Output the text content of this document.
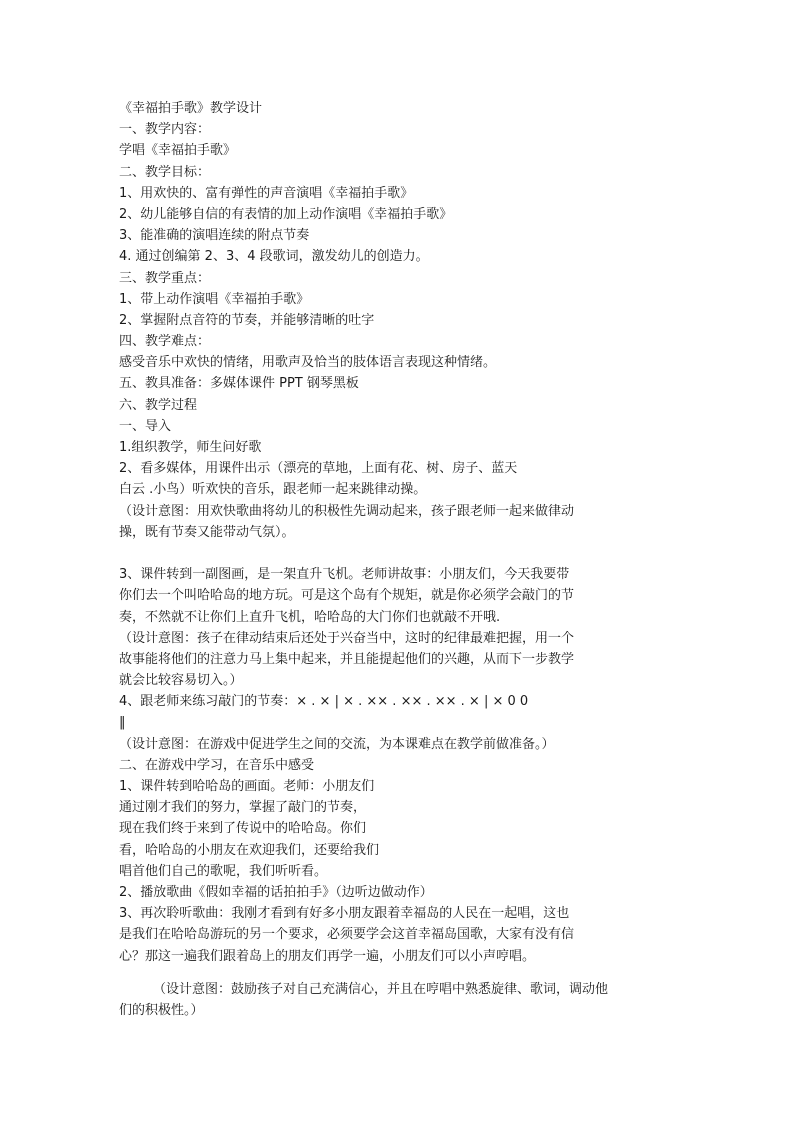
《幸福拍手歌》教学设计
一、教学内容：
学唱《幸福拍手歌》
二、教学目标：
1、用欢快的、富有弹性的声音演唱《幸福拍手歌》
2、幼儿能够自信的有表情的加上动作演唱《幸福拍手歌》
3、能准确的演唱连续的附点节奏
4. 通过创编第 2、3、4 段歌词，激发幼儿的创造力。
三、教学重点：
1、带上动作演唱《幸福拍手歌》
2、掌握附点音符的节奏，并能够清晰的吐字
四、教学难点：
感受音乐中欢快的情绪，用歌声及恰当的肢体语言表现这种情绪。
五、教具准备：多媒体课件 PPT 钢琴黑板
六、教学过程
一、导入
1.组织教学，师生问好歌
2、看多媒体，用课件出示（漂亮的草地，上面有花、树、房子、蓝天
白云 .小鸟）听欢快的音乐，跟老师一起来跳律动操。
（设计意图：用欢快歌曲将幼儿的积极性先调动起来，孩子跟老师一起来做律动
操，既有节奏又能带动气氛）。
3、课件转到一副图画，是一架直升飞机。老师讲故事：小朋友们，今天我要带
你们去一个叫哈哈岛的地方玩。可是这个岛有个规矩，就是你必须学会敲门的节
奏，不然就不让你们上直升飞机，哈哈岛的大门你们也就敲不开哦.
（设计意图：孩子在律动结束后还处于兴奋当中，这时的纪律最难把握，用一个
故事能将他们的注意力马上集中起来，并且能提起他们的兴趣，从而下一步教学
就会比较容易切入。）
4、跟老师来练习敲门的节奏：× . × | × . ×× . ×× . ×× . × | × 0 0
‖
（设计意图：在游戏中促进学生之间的交流，为本课难点在教学前做准备。）
二、在游戏中学习，在音乐中感受
1、课件转到哈哈岛的画面。老师：小朋友们
通过刚才我们的努力，掌握了敲门的节奏，
现在我们终于来到了传说中的哈哈岛。你们
看，哈哈岛的小朋友在欢迎我们，还要给我们
唱首他们自己的歌呢，我们听听看。
2、播放歌曲《假如幸福的话拍拍手》（边听边做动作）
3、再次聆听歌曲：我刚才看到有好多小朋友跟着幸福岛的人民在一起唱，这也
是我们在哈哈岛游玩的另一个要求，必须要学会这首幸福岛国歌，大家有没有信
心？那这一遍我们跟着岛上的朋友们再学一遍，小朋友们可以小声哼唱。
（设计意图：鼓励孩子对自己充满信心，并且在哼唱中熟悉旋律、歌词，调动他
们的积极性。）
